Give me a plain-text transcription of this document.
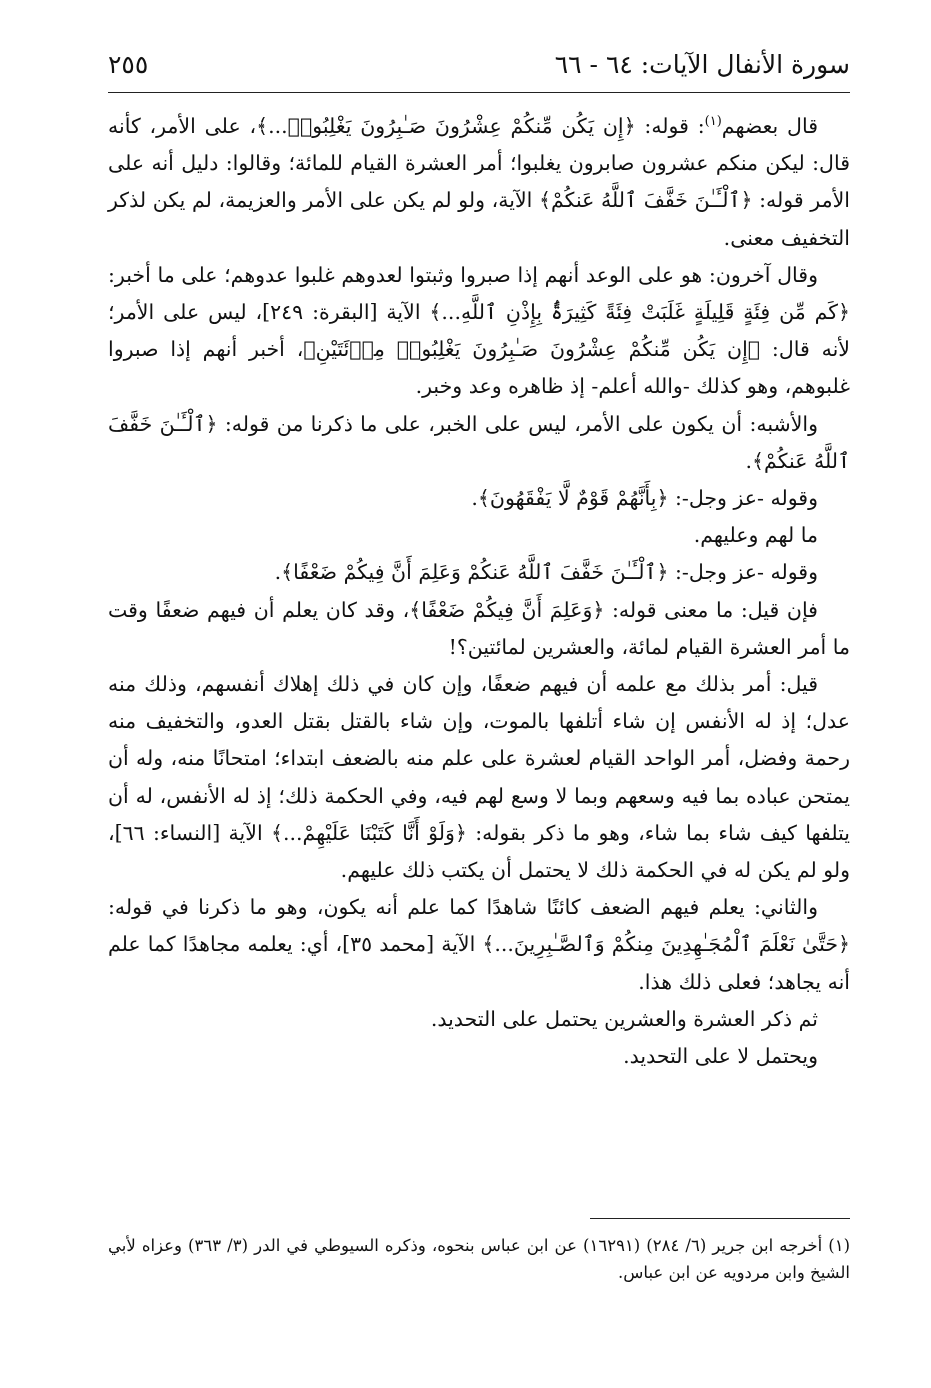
سورة الأنفال الآيات: ٦٤ - ٦٦
٢٥٥

قال بعضهم$^{(١)}$: قوله: ﴿إِن يَكُن مِّنكُمْ عِشْرُونَ صَـٰبِرُونَ يَغْلِبُوا۟...﴾، على الأمر، كأنه قال: ليكن منكم عشرون صابرون يغلبوا؛ أمر العشرة القيام للمائة؛ وقالوا: دليل أنه على الأمر قوله: ﴿ٱلْـَٔـٰنَ خَفَّفَ ٱللَّهُ عَنكُمْ﴾ الآية، ولو لم يكن على الأمر والعزيمة، لم يكن لذكر التخفيف معنى.

وقال آخرون: هو على الوعد أنهم إذا صبروا وثبتوا لعدوهم غلبوا عدوهم؛ على ما أخبر: ﴿كَم مِّن فِئَةٍ قَلِيلَةٍ غَلَبَتْ فِئَةً كَثِيرَةًۢ بِإِذْنِ ٱللَّهِ...﴾ الآية [البقرة: ٢٤٩]، ليس على الأمر؛ لأنه قال: ﴿إِن يَكُن مِّنكُمْ عِشْرُونَ صَـٰبِرُونَ يَغْلِبُوا۟ مِا۟ئَتَيْنِ﴾، أخبر أنهم إذا صبروا غلبوهم، وهو كذلك -والله أعلم- إذ ظاهره وعد وخبر.

والأشبه: أن يكون على الأمر، ليس على الخبر، على ما ذكرنا من قوله: ﴿ٱلْـَٔـٰنَ خَفَّفَ ٱللَّهُ عَنكُمْ﴾.

وقوله -عز وجل-: ﴿بِأَنَّهُمْ قَوْمٌ لَّا يَفْقَهُونَ﴾.

ما لهم وعليهم.

وقوله -عز وجل-: ﴿ٱلْـَٔـٰنَ خَفَّفَ ٱللَّهُ عَنكُمْ وَعَلِمَ أَنَّ فِيكُمْ ضَعْفًا﴾.

فإن قيل: ما معنى قوله: ﴿وَعَلِمَ أَنَّ فِيكُمْ ضَعْفًا﴾، وقد كان يعلم أن فيهم ضعفًا وقت ما أمر العشرة القيام لمائة، والعشرين لمائتين؟!

قيل: أمر بذلك مع علمه أن فيهم ضعفًا، وإن كان في ذلك إهلاك أنفسهم، وذلك منه عدل؛ إذ له الأنفس إن شاء أتلفها بالموت، وإن شاء بالقتل بقتل العدو، والتخفيف منه رحمة وفضل، أمر الواحد القيام لعشرة على علم منه بالضعف ابتداء؛ امتحانًا منه، وله أن يمتحن عباده بما فيه وسعهم وبما لا وسع لهم فيه، وفي الحكمة ذلك؛ إذ له الأنفس، له أن يتلفها كيف شاء بما شاء، وهو ما ذكر بقوله: ﴿وَلَوْ أَنَّا كَتَبْنَا عَلَيْهِمْ...﴾ الآية [النساء: ٦٦]، ولو لم يكن له في الحكمة ذلك لا يحتمل أن يكتب ذلك عليهم.

والثاني: يعلم فيهم الضعف كائنًا شاهدًا كما علم أنه يكون، وهو ما ذكرنا في قوله: ﴿حَتَّىٰ نَعْلَمَ ٱلْمُجَـٰهِدِينَ مِنكُمْ وَٱلصَّـٰبِرِينَ...﴾ الآية [محمد ٣٥]، أي: يعلمه مجاهدًا كما علم أنه يجاهد؛ فعلى ذلك هذا.

ثم ذكر العشرة والعشرين يحتمل على التحديد.

ويحتمل لا على التحديد.

(١) أخرجه ابن جرير (٦/ ٢٨٤) (١٦٢٩١) عن ابن عباس بنحوه، وذكره السيوطي في الدر (٣/ ٣٦٣) وعزاه لأبي الشيخ وابن مردويه عن ابن عباس.
